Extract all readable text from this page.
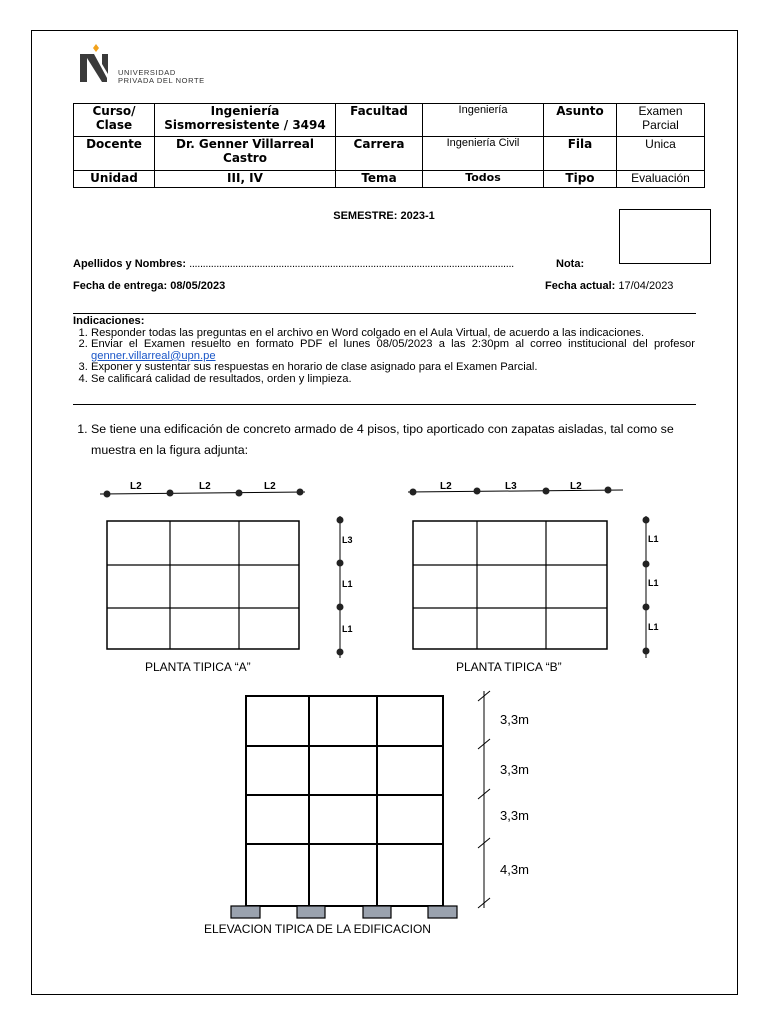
UNIVERSIDAD
PRIVADA DEL NORTE
Curso/ Clase	Ingeniería Sismorresistente / 3494	Facultad	Ingeniería	Asunto	Examen Parcial
Docente	Dr. Genner Villarreal Castro	Carrera	Ingeniería Civil	Fila	Unica
Unidad	III, IV	Tema	Todos	Tipo	Evaluación
SEMESTRE: 2023-1
Apellidos y Nombres: ........................................................................................................................	Nota:
Fecha de entrega: 08/05/2023	Fecha actual: 17/04/2023
Indicaciones:
1. Responder todas las preguntas en el archivo en Word colgado en el Aula Virtual, de acuerdo a las indicaciones.
2. Enviar el Examen resuelto en formato PDF el lunes 08/05/2023 a las 2:30pm al correo institucional del profesor genner.villarreal@upn.pe
3. Exponer y sustentar sus respuestas en horario de clase asignado para el Examen Parcial.
4. Se calificará calidad de resultados, orden y limpieza.
1. Se tiene una edificación de concreto armado de 4 pisos, tipo aporticado con zapatas aisladas, tal como se muestra en la figura adjunta:
L2	L2	L2
L3
L1
L1
PLANTA TIPICA “A”
L2	L3	L2
L1
L1
L1
PLANTA TIPICA “B”
3,3m
3,3m
3,3m
4,3m
ELEVACION TIPICA DE LA EDIFICACION
